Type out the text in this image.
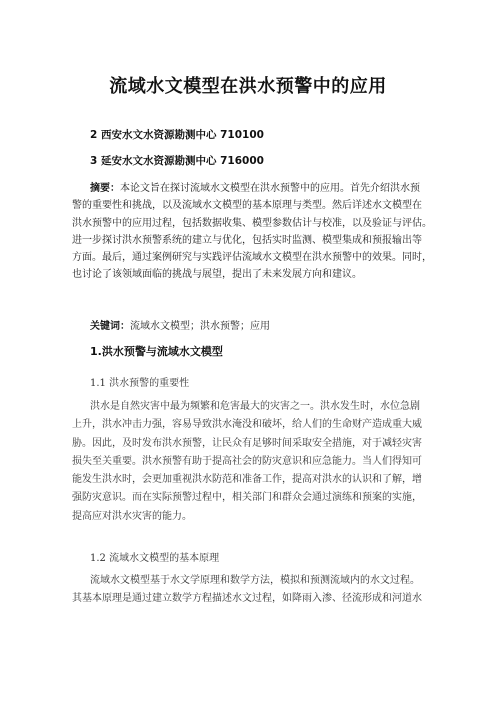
流域水文模型在洪水预警中的应用
2 西安水文水资源勘测中心 710100
3 延安水文水资源勘测中心 716000
摘要：本论文旨在探讨流域水文模型在洪水预警中的应用。首先介绍洪水预
警的重要性和挑战，以及流域水文模型的基本原理与类型。然后详述水文模型在
洪水预警中的应用过程，包括数据收集、模型参数估计与校准，以及验证与评估。
进一步探讨洪水预警系统的建立与优化，包括实时监测、模型集成和预报输出等
方面。最后，通过案例研究与实践评估流域水文模型在洪水预警中的效果。同时，
也讨论了该领域面临的挑战与展望，提出了未来发展方向和建议。
关键词：流域水文模型；洪水预警；应用
1.洪水预警与流域水文模型
1.1 洪水预警的重要性
洪水是自然灾害中最为频繁和危害最大的灾害之一。洪水发生时，水位急剧
上升，洪水冲击力强，容易导致洪水淹没和破坏，给人们的生命财产造成重大威
胁。因此，及时发布洪水预警，让民众有足够时间采取安全措施，对于减轻灾害
损失至关重要。洪水预警有助于提高社会的防灾意识和应急能力。当人们得知可
能发生洪水时，会更加重视洪水防范和准备工作，提高对洪水的认识和了解，增
强防灾意识。而在实际预警过程中，相关部门和群众会通过演练和预案的实施，
提高应对洪水灾害的能力。
1.2 流域水文模型的基本原理
流域水文模型基于水文学原理和数学方法，模拟和预测流域内的水文过程。
其基本原理是通过建立数学方程描述水文过程，如降雨入渗、径流形成和河道水
